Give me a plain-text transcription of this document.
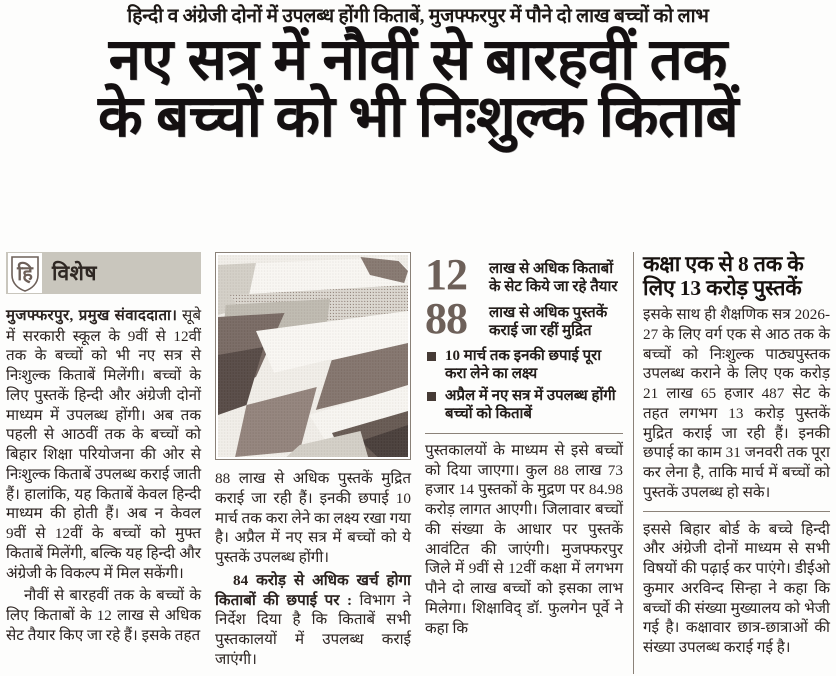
हिन्दी व अंग्रेजी दोनों में उपलब्ध होंगी किताबें, मुजफ्फरपुर में पौने दो लाख बच्चों को लाभ
नए सत्र में नौवीं से बारहवीं तक
के बच्चों को भी निःशुल्क किताबें
हि विशेष

मुजफ्फरपुर, प्रमुख संवाददाता। सूबे में सरकारी स्कूल के 9वीं से 12वीं तक के बच्चों को भी नए सत्र से निःशुल्क किताबें मिलेंगी। बच्चों के लिए पुस्तकें हिन्दी और अंग्रेजी दोनों माध्यम में उपलब्ध होंगी। अब तक पहली से आठवीं तक के बच्चों को बिहार शिक्षा परियोजना की ओर से निःशुल्क किताबें उपलब्ध कराई जाती हैं। हालांकि, यह किताबें केवल हिन्दी माध्यम की होती हैं। अब न केवल 9वीं से 12वीं के बच्चों को मुफ्त किताबें मिलेंगी, बल्कि यह हिन्दी और अंग्रेजी के विकल्प में मिल सकेंगी।

नौवीं से बारहवीं तक के बच्चों के लिए किताबों के 12 लाख से अधिक सेट तैयार किए जा रहे हैं। इसके तहत

88 लाख से अधिक पुस्तकें मुद्रित कराई जा रही हैं। इनकी छपाई 10 मार्च तक करा लेने का लक्ष्य रखा गया है। अप्रैल में नए सत्र में बच्चों को ये पुस्तकें उपलब्ध होंगी।

84 करोड़ से अधिक खर्च होगा किताबों की छपाई पर : विभाग ने निर्देश दिया है कि किताबें सभी पुस्तकालयों में उपलब्ध कराई जाएंगी।

12	लाख से अधिक किताबों के सेट किये जा रहे तैयार
88	लाख से अधिक पुस्तकें कराई जा रहीं मुद्रित
10 मार्च तक इनकी छपाई पूरा करा लेने का लक्ष्य
अप्रैल में नए सत्र में उपलब्ध होंगी बच्चों को किताबें

पुस्तकालयों के माध्यम से इसे बच्चों को दिया जाएगा। कुल 88 लाख 73 हजार 14 पुस्तकों के मुद्रण पर 84.98 करोड़ लागत आएगी। जिलावार बच्चों की संख्या के आधार पर पुस्तकें आवंटित की जाएंगी। मुजफ्फरपुर जिले में 9वीं से 12वीं कक्षा में लगभग पौने दो लाख बच्चों को इसका लाभ मिलेगा। शिक्षाविद् डॉ. फुलगेन पूर्वे ने कहा कि

कक्षा एक से 8 तक के लिए 13 करोड़ पुस्तकें

इसके साथ ही शैक्षणिक सत्र 2026-27 के लिए वर्ग एक से आठ तक के बच्चों को निःशुल्क पाठ्यपुस्तक उपलब्ध कराने के लिए एक करोड़ 21 लाख 65 हजार 487 सेट के तहत लगभग 13 करोड़ पुस्तकें मुद्रित कराई जा रही हैं। इनकी छपाई का काम 31 जनवरी तक पूरा कर लेना है, ताकि मार्च में बच्चों को पुस्तकें उपलब्ध हो सके।

इससे बिहार बोर्ड के बच्चे हिन्दी और अंग्रेजी दोनों माध्यम से सभी विषयों की पढ़ाई कर पाएंगे। डीईओ कुमार अरविन्द सिन्हा ने कहा कि बच्चों की संख्या मुख्यालय को भेजी गई है। कक्षावार छात्र-छात्राओं की संख्या उपलब्ध कराई गई है।
